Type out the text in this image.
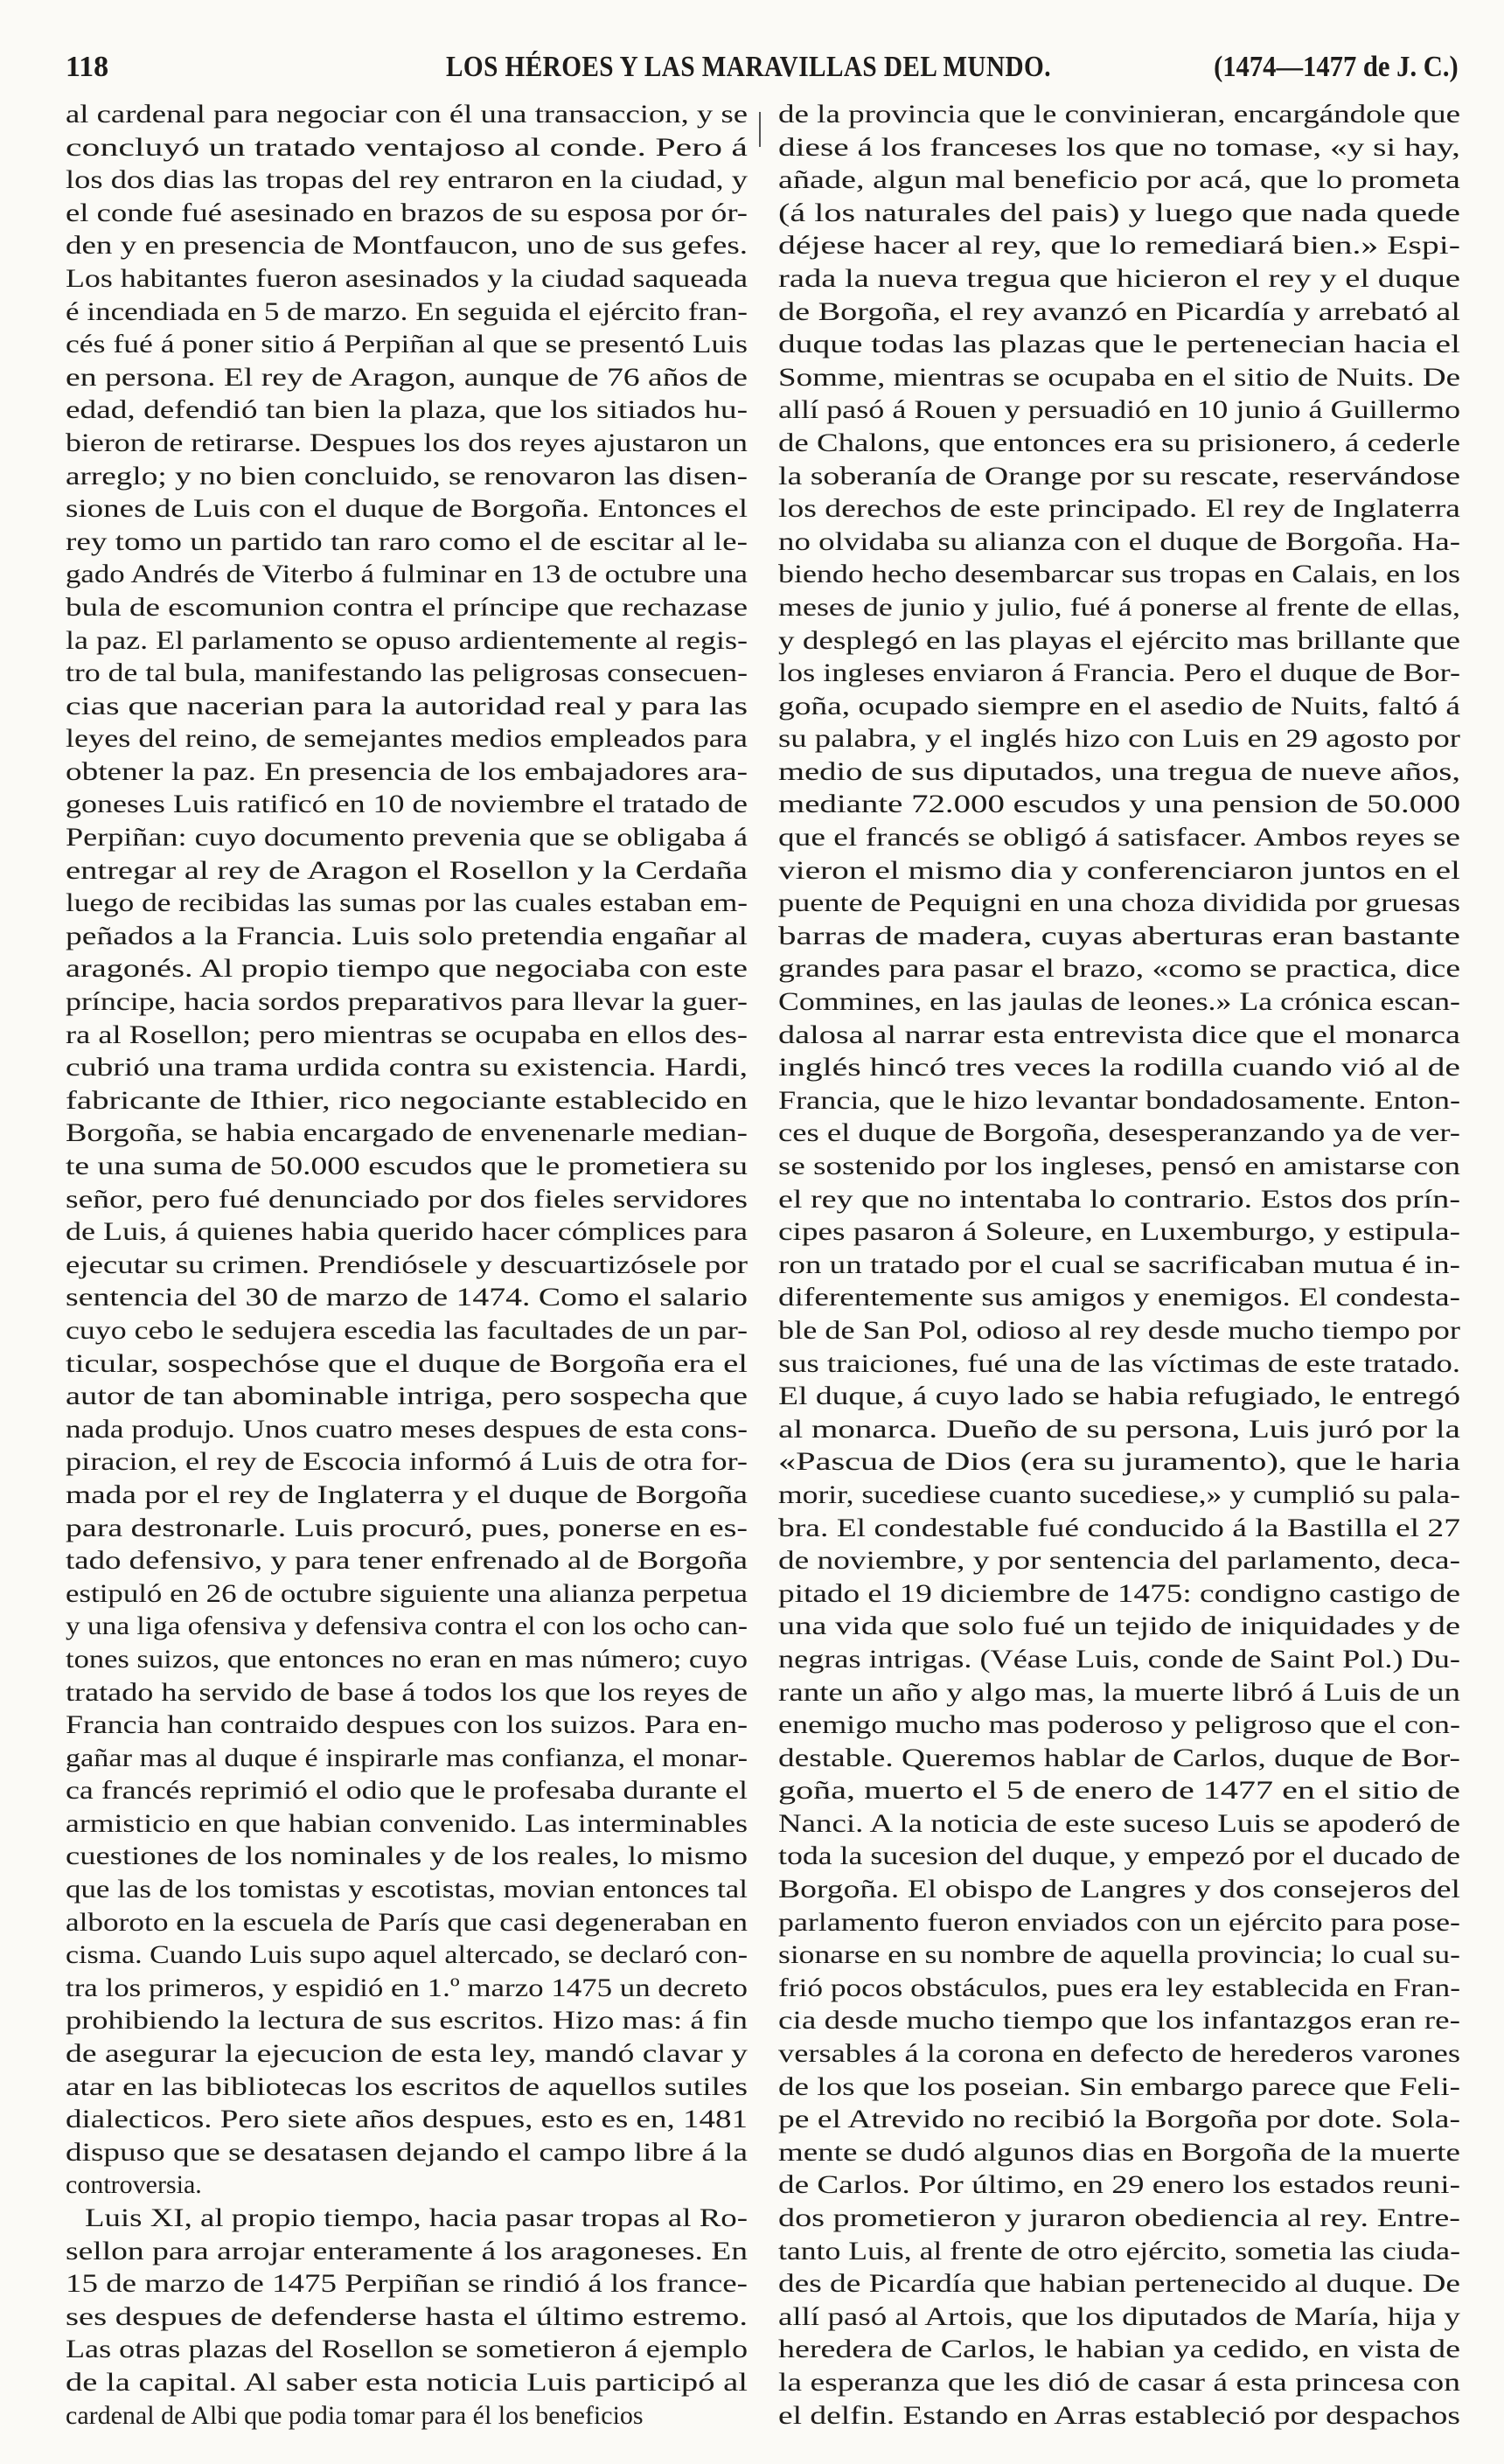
118	LOS HÉROES Y LAS MARAVILLAS DEL MUNDO.	(1474—1477 de J. C.)
al cardenal para negociar con él una transaccion, y se
concluyó un tratado ventajoso al conde. Pero á
los dos dias las tropas del rey entraron en la ciudad, y
el conde fué asesinado en brazos de su esposa por ór-
den y en presencia de Montfaucon, uno de sus gefes.
Los habitantes fueron asesinados y la ciudad saqueada
é incendiada en 5 de marzo. En seguida el ejército fran-
cés fué á poner sitio á Perpiñan al que se presentó Luis
en persona. El rey de Aragon, aunque de 76 años de
edad, defendió tan bien la plaza, que los sitiados hu-
bieron de retirarse. Despues los dos reyes ajustaron un
arreglo; y no bien concluido, se renovaron las disen-
siones de Luis con el duque de Borgoña. Entonces el
rey tomo un partido tan raro como el de escitar al le-
gado Andrés de Viterbo á fulminar en 13 de octubre una
bula de escomunion contra el príncipe que rechazase
la paz. El parlamento se opuso ardientemente al regis-
tro de tal bula, manifestando las peligrosas consecuen-
cias que nacerian para la autoridad real y para las
leyes del reino, de semejantes medios empleados para
obtener la paz. En presencia de los embajadores ara-
goneses Luis ratificó en 10 de noviembre el tratado de
Perpiñan: cuyo documento prevenia que se obligaba á
entregar al rey de Aragon el Rosellon y la Cerdaña
luego de recibidas las sumas por las cuales estaban em-
peñados a la Francia. Luis solo pretendia engañar al
aragonés. Al propio tiempo que negociaba con este
príncipe, hacia sordos preparativos para llevar la guer-
ra al Rosellon; pero mientras se ocupaba en ellos des-
cubrió una trama urdida contra su existencia. Hardi,
fabricante de Ithier, rico negociante establecido en
Borgoña, se habia encargado de envenenarle median-
te una suma de 50.000 escudos que le prometiera su
señor, pero fué denunciado por dos fieles servidores
de Luis, á quienes habia querido hacer cómplices para
ejecutar su crimen. Prendiósele y descuartizósele por
sentencia del 30 de marzo de 1474. Como el salario
cuyo cebo le sedujera escedia las facultades de un par-
ticular, sospechóse que el duque de Borgoña era el
autor de tan abominable intriga, pero sospecha que
nada produjo. Unos cuatro meses despues de esta cons-
piracion, el rey de Escocia informó á Luis de otra for-
mada por el rey de Inglaterra y el duque de Borgoña
para destronarle. Luis procuró, pues, ponerse en es-
tado defensivo, y para tener enfrenado al de Borgoña
estipuló en 26 de octubre siguiente una alianza perpetua
y una liga ofensiva y defensiva contra el con los ocho can-
tones suizos, que entonces no eran en mas número; cuyo
tratado ha servido de base á todos los que los reyes de
Francia han contraido despues con los suizos. Para en-
gañar mas al duque é inspirarle mas confianza, el monar-
ca francés reprimió el odio que le profesaba durante el
armisticio en que habian convenido. Las interminables
cuestiones de los nominales y de los reales, lo mismo
que las de los tomistas y escotistas, movian entonces tal
alboroto en la escuela de París que casi degeneraban en
cisma. Cuando Luis supo aquel altercado, se declaró con-
tra los primeros, y espidió en 1.º marzo 1475 un decreto
prohibiendo la lectura de sus escritos. Hizo mas: á fin
de asegurar la ejecucion de esta ley, mandó clavar y
atar en las bibliotecas los escritos de aquellos sutiles
dialecticos. Pero siete años despues, esto es en, 1481
dispuso que se desatasen dejando el campo libre á la
controversia.
Luis XI, al propio tiempo, hacia pasar tropas al Ro-
sellon para arrojar enteramente á los aragoneses. En
15 de marzo de 1475 Perpiñan se rindió á los france-
ses despues de defenderse hasta el último estremo.
Las otras plazas del Rosellon se sometieron á ejemplo
de la capital. Al saber esta noticia Luis participó al
cardenal de Albi que podia tomar para él los beneficios
de la provincia que le convinieran, encargándole que
diese á los franceses los que no tomase, «y si hay,
añade, algun mal beneficio por acá, que lo prometa
(á los naturales del pais) y luego que nada quede
déjese hacer al rey, que lo remediará bien.» Espi-
rada la nueva tregua que hicieron el rey y el duque
de Borgoña, el rey avanzó en Picardía y arrebató al
duque todas las plazas que le pertenecian hacia el
Somme, mientras se ocupaba en el sitio de Nuits. De
allí pasó á Rouen y persuadió en 10 junio á Guillermo
de Chalons, que entonces era su prisionero, á cederle
la soberanía de Orange por su rescate, reservándose
los derechos de este principado. El rey de Inglaterra
no olvidaba su alianza con el duque de Borgoña. Ha-
biendo hecho desembarcar sus tropas en Calais, en los
meses de junio y julio, fué á ponerse al frente de ellas,
y desplegó en las playas el ejército mas brillante que
los ingleses enviaron á Francia. Pero el duque de Bor-
goña, ocupado siempre en el asedio de Nuits, faltó á
su palabra, y el inglés hizo con Luis en 29 agosto por
medio de sus diputados, una tregua de nueve años,
mediante 72.000 escudos y una pension de 50.000
que el francés se obligó á satisfacer. Ambos reyes se
vieron el mismo dia y conferenciaron juntos en el
puente de Pequigni en una choza dividida por gruesas
barras de madera, cuyas aberturas eran bastante
grandes para pasar el brazo, «como se practica, dice
Commines, en las jaulas de leones.» La crónica escan-
dalosa al narrar esta entrevista dice que el monarca
inglés hincó tres veces la rodilla cuando vió al de
Francia, que le hizo levantar bondadosamente. Enton-
ces el duque de Borgoña, desesperanzando ya de ver-
se sostenido por los ingleses, pensó en amistarse con
el rey que no intentaba lo contrario. Estos dos prín-
cipes pasaron á Soleure, en Luxemburgo, y estipula-
ron un tratado por el cual se sacrificaban mutua é in-
diferentemente sus amigos y enemigos. El condesta-
ble de San Pol, odioso al rey desde mucho tiempo por
sus traiciones, fué una de las víctimas de este tratado.
El duque, á cuyo lado se habia refugiado, le entregó
al monarca. Dueño de su persona, Luis juró por la
«Pascua de Dios (era su juramento), que le haria
morir, sucediese cuanto sucediese,» y cumplió su pala-
bra. El condestable fué conducido á la Bastilla el 27
de noviembre, y por sentencia del parlamento, deca-
pitado el 19 diciembre de 1475: condigno castigo de
una vida que solo fué un tejido de iniquidades y de
negras intrigas. (Véase Luis, conde de Saint Pol.) Du-
rante un año y algo mas, la muerte libró á Luis de un
enemigo mucho mas poderoso y peligroso que el con-
destable. Queremos hablar de Carlos, duque de Bor-
goña, muerto el 5 de enero de 1477 en el sitio de
Nanci. A la noticia de este suceso Luis se apoderó de
toda la sucesion del duque, y empezó por el ducado de
Borgoña. El obispo de Langres y dos consejeros del
parlamento fueron enviados con un ejército para pose-
sionarse en su nombre de aquella provincia; lo cual su-
frió pocos obstáculos, pues era ley establecida en Fran-
cia desde mucho tiempo que los infantazgos eran re-
versables á la corona en defecto de herederos varones
de los que los poseian. Sin embargo parece que Feli-
pe el Atrevido no recibió la Borgoña por dote. Sola-
mente se dudó algunos dias en Borgoña de la muerte
de Carlos. Por último, en 29 enero los estados reuni-
dos prometieron y juraron obediencia al rey. Entre-
tanto Luis, al frente de otro ejército, sometia las ciuda-
des de Picardía que habian pertenecido al duque. De
allí pasó al Artois, que los diputados de María, hija y
heredera de Carlos, le habian ya cedido, en vista de
la esperanza que les dió de casar á esta princesa con
el delfin. Estando en Arras estableció por despachos
